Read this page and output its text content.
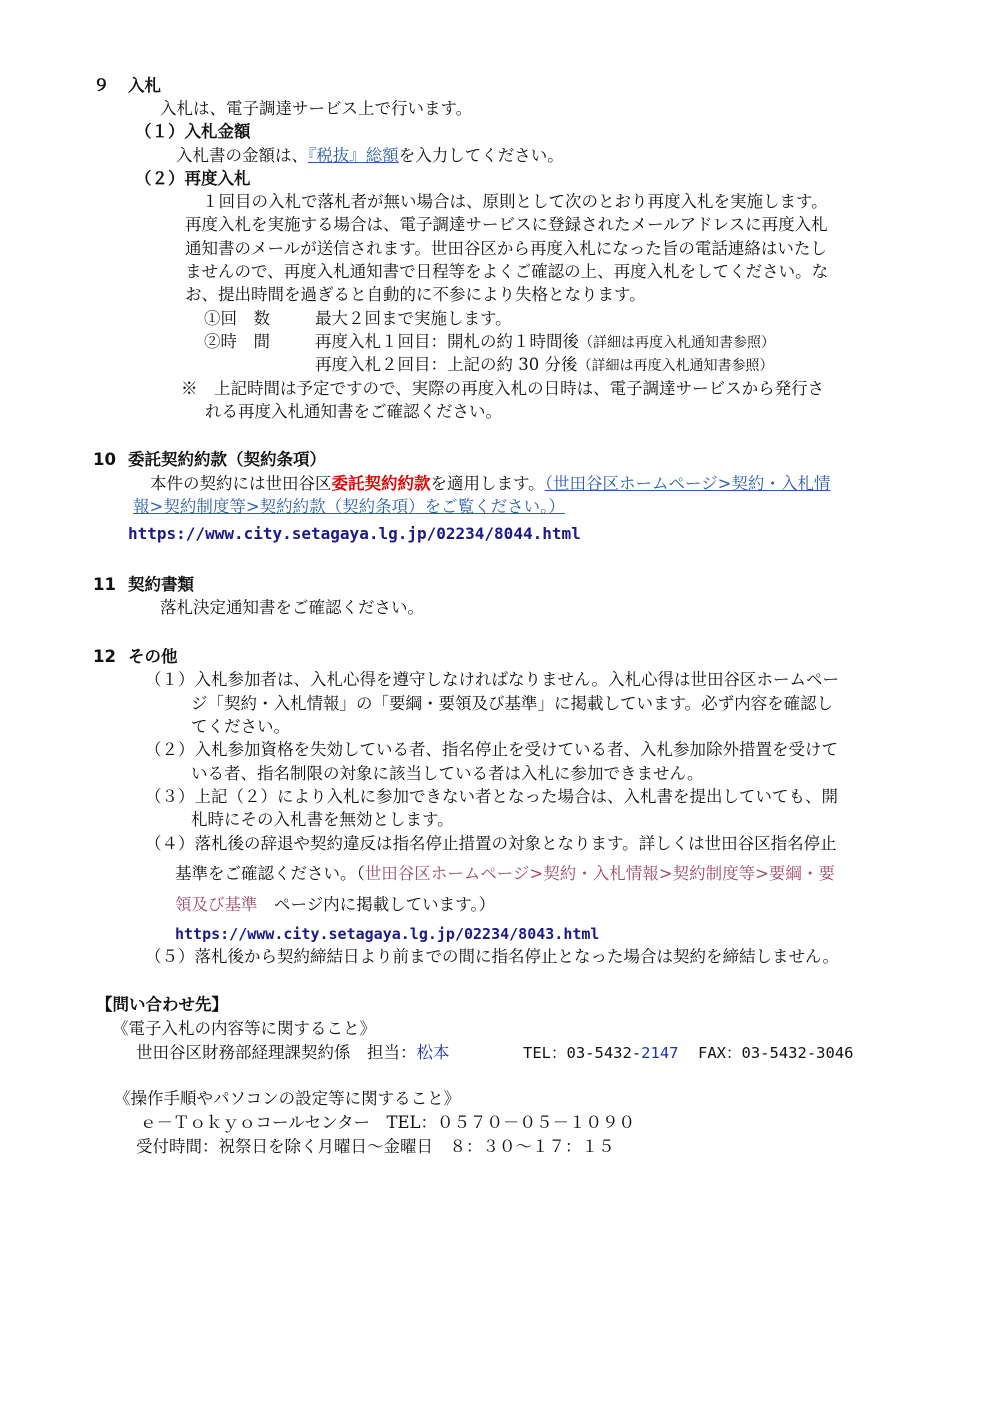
９ 入札
入札は、電子調達サービス上で行います。
（１）入札金額
入札書の金額は、『税抜』総額を入力してください。
（２）再度入札
１回目の入札で落札者が無い場合は、原則として次のとおり再度入札を実施します。
再度入札を実施する場合は、電子調達サービスに登録されたメールアドレスに再度入札
通知書のメールが送信されます。世田谷区から再度入札になった旨の電話連絡はいたし
ませんので、再度入札通知書で日程等をよくご確認の上、再度入札をしてください。な
お、提出時間を過ぎると自動的に不参により失格となります。
①回　数	最大２回まで実施します。
②時　間	再度入札１回目：開札の約１時間後（詳細は再度入札通知書参照）
再度入札２回目：上記の約 30 分後（詳細は再度入札通知書参照）
※　上記時間は予定ですので、実際の再度入札の日時は、電子調達サービスから発行さ
れる再度入札通知書をご確認ください。
10 委託契約約款（契約条項）
本件の契約には世田谷区委託契約約款を適用します。（世田谷区ホームページ>契約・入札情
報>契約制度等>契約約款（契約条項）をご覧ください。）
https://www.city.setagaya.lg.jp/02234/8044.html
11 契約書類
落札決定通知書をご確認ください。
12 その他
（１）入札参加者は、入札心得を遵守しなければなりません。入札心得は世田谷区ホームペー
ジ「契約・入札情報」の「要綱・要領及び基準」に掲載しています。必ず内容を確認し
てください。
（２）入札参加資格を失効している者、指名停止を受けている者、入札参加除外措置を受けて
いる者、指名制限の対象に該当している者は入札に参加できません。
（３）上記（２）により入札に参加できない者となった場合は、入札書を提出していても、開
札時にその入札書を無効とします。
（４）落札後の辞退や契約違反は指名停止措置の対象となります。詳しくは世田谷区指名停止
基準をご確認ください。（世田谷区ホームページ>契約・入札情報>契約制度等>要綱・要
領及び基準　ページ内に掲載しています。）
https://www.city.setagaya.lg.jp/02234/8043.html
（５）落札後から契約締結日より前までの間に指名停止となった場合は契約を締結しません。
【問い合わせ先】
《電子入札の内容等に関すること》
世田谷区財務部経理課契約係　担当：松本	TEL：03-5432-2147 FAX：03-5432-3046
《操作手順やパソコンの設定等に関すること》
ｅ－Ｔｏｋｙｏコールセンター　TEL：０５７０－０５－１０９０
受付時間：祝祭日を除く月曜日～金曜日　８：３０～１７：１５
